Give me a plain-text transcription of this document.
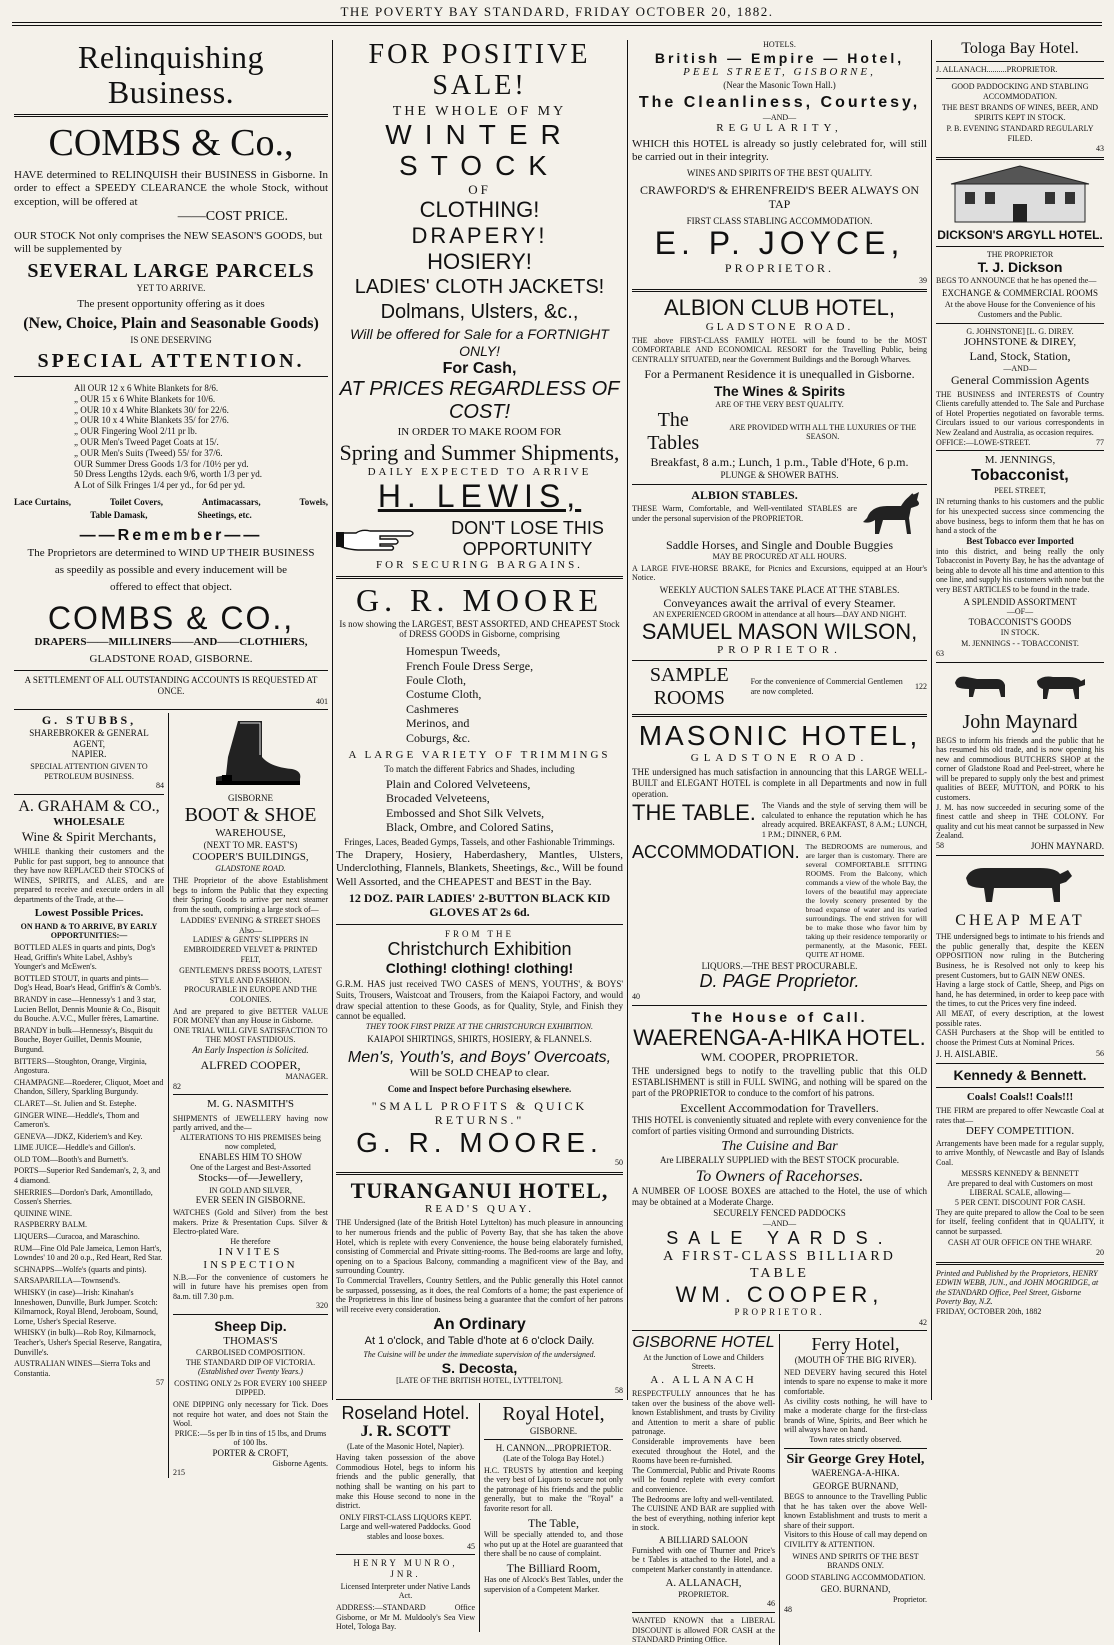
THE POVERTY BAY STANDARD, FRIDAY OCTOBER 20, 1882.

Relinquishing Business.

COMBS & Co.,

HAVE determined to RELINQUISH their BUSINESS in Gisborne. In order to effect a SPEEDY CLEARANCE the whole Stock, without exception, will be offered at

——COST PRICE.

OUR STOCK Not only comprises the NEW SEASON'S GOODS, but will be supplemented by

SEVERAL LARGE PARCELS

YET TO ARRIVE.

The present opportunity offering as it does

(New, Choice, Plain and Seasonable Goods)

IS ONE DESERVING

SPECIAL ATTENTION.

All OUR 12 x 6 White Blankets for 8/6.

„ OUR 15 x 6 White Blankets for 10/6.

„ OUR 10 x 4 White Blankets 30/ for 22/6.

„ OUR 10 x 4 White Blankets 35/ for 27/6.

„ OUR Fingering Wool 2/11 pr lb.

„ OUR Men's Tweed Paget Coats at 15/.

„ OUR Men's Suits (Tweed) 55/ for 37/6.

OUR Summer Dress Goods 1/3 for /10½ per yd.

50 Dress Lengths 12yds. each 9/6, worth 1/3 per yd.

A Lot of Silk Fringes 1/4 per yd., for 6d per yd.

Lace Curtains,	Toilet Covers,	Antimacassars,	Towels,
Table Damask,	Sheetings, etc.

——Remember——

The Proprietors are determined to WIND UP THEIR BUSINESS

as speedily as possible and every inducement will be

offered to effect that object.

COMBS & CO.,

DRAPERS——MILLINERS——AND——CLOTHIERS,

GLADSTONE ROAD, GISBORNE.

A SETTLEMENT OF ALL OUTSTANDING ACCOUNTS IS REQUESTED AT ONCE.

401

G. STUBBS,

SHAREBROKER & GENERAL AGENT,

NAPIER.

SPECIAL ATTENTION GIVEN TO PETROLEUM BUSINESS.

84

A. GRAHAM & CO.,

WHOLESALE

Wine & Spirit Merchants,

WHILE thanking their customers and the Public for past support, beg to announce that they have now REPLACED their STOCKS of WINES, SPIRITS, and ALES, and are prepared to receive and execute orders in all departments of the Trade, at the—

Lowest Possible Prices.

ON HAND & TO ARRIVE, BY EARLY OPPORTUNITIES:—

BOTTLED ALES in quarts and pints, Dog's Head, Griffin's White Label, Ashby's Younger's and McEwen's.

BOTTLED STOUT, in quarts and pints—Dog's Head, Boar's Head, Griffin's & Comb's.

BRANDY in case—Hennessy's 1 and 3 star, Lucien Bellot, Dennis Mounie & Co., Bisquit du Bouche. A.V.C., Muller frères, Lamartine.

BRANDY in bulk—Hennessy's, Bisquit du Bouche, Boyer Guillet, Dennis Mounie, Burgund.

BITTERS—Stoughton, Orange, Virginia, Angostura.

CHAMPAGNE—Roederer, Cliquot, Moet and Chandon, Sillery, Sparkling Burgundy.

CLARET—St. Julien and St. Estephe.

GINGER WINE—Heddle's, Thom and Cameron's.

GENEVA—JDKZ, Kideriem's and Key.

LIME JUICE—Heddle's and Gillon's.

OLD TOM—Booth's and Burnett's.

PORTS—Superior Red Sandeman's, 2, 3, and 4 diamond.

SHERRIES—Dordon's Dark, Amontillado, Cossen's Sherries.

QUININE WINE.

RASPBERRY BALM.

LIQUERS—Curacoa, and Maraschino.

RUM—Fine Old Pale Jameica, Lemon Hart's, Lowndes' 10 and 20 o.p., Red Heart, Red Star.

SCHNAPPS—Wolfe's (quarts and pints).

SARSAPARILLA—Townsend's.

WHISKY (in case)—Irish: Kinahan's Inneshowen, Dunville, Burk Jumper. Scotch: Kilmarnock, Royal Blend, Jeroboam, Sound, Lorne, Usher's Special Reserve.

WHISKY (in bulk)—Rob Roy, Kilmarnock, Teacher's, Usher's Special Reserve, Rangatira, Dunville's.

AUSTRALIAN WINES—Sierra Toks and Constantia.

57

GISBORNE

BOOT & SHOE

WAREHOUSE,

(NEXT TO MR. EAST'S)

COOPER'S BUILDINGS,

GLADSTONE ROAD.

THE Proprietor of the above Establishment begs to inform the Public that they expecting their Spring Goods to arrive per next steamer from the south, comprising a large stock of—

LADDIES' EVENING & STREET SHOES

Also—

LADIES' & GENTS' SLIPPERS IN EMBROIDERED VELVET & PRINTED FELT,

GENTLEMEN'S DRESS BOOTS, LATEST STYLE AND FASHION.

PROCURABLE IN EUROPE AND THE COLONIES.

And are prepared to give BETTER VALUE FOR MONEY than any House in Gisborne.

ONE TRIAL WILL GIVE SATISFACTION TO THE MOST FASTIDIOUS.

An Early Inspection is Solicited.

ALFRED COOPER,

MANAGER.

82

M. G. NASMITH'S

SHIPMENTS of JEWELLERY having now partly arrived, and the—

ALTERATIONS TO HIS PREMISES being now completed,

ENABLES HIM TO SHOW

One of the Largest and Best-Assorted

Stocks—of—Jewellery,

IN GOLD AND SILVER,

EVER SEEN IN GISBORNE.

WATCHES (Gold and Silver) from the best makers. Prize & Presentation Cups. Silver & Electro-plated Ware.

He therefore

INVITES INSPECTION

N.B.—For the convenience of customers he will in future have his premises open from 8a.m. till 7.30 p.m.

320

Sheep Dip.

THOMAS'S

CARBOLISED COMPOSITION.

THE STANDARD DIP OF VICTORIA.

(Established over Twenty Years.)

COSTING ONLY 2s FOR EVERY 100 SHEEP DIPPED.

ONE DIPPING only necessary for Tick. Does not require hot water, and does not Stain the Wool.

PRICE:—5s per lb in tins of 15 lbs, and Drums of 100 lbs.

PORTER & CROFT,

Gisborne Agents.

215

FOR POSITIVE SALE!

THE WHOLE OF MY

WINTER STOCK

OF

CLOTHING!

DRAPERY!

HOSIERY!

LADIES' CLOTH JACKETS!

Dolmans, Ulsters, &c.,

Will be offered for Sale for a FORTNIGHT ONLY!

For Cash,

AT PRICES REGARDLESS OF COST!

IN ORDER TO MAKE ROOM FOR

Spring and Summer Shipments,

DAILY EXPECTED TO ARRIVE

H. LEWIS,

DON'T LOSE THIS OPPORTUNITY

FOR SECURING BARGAINS.

G. R. MOORE

Is now showing the LARGEST, BEST ASSORTED, AND CHEAPEST Stock of DRESS GOODS in Gisborne, comprising

Homespun Tweeds,

French Foule Dress Serge,

Foule Cloth,

Costume Cloth,

Cashmeres

Merinos, and

Coburgs, &c.

A LARGE VARIETY OF TRIMMINGS

To match the different Fabrics and Shades, including

Plain and Colored Velveteens,

Brocaded Velveteens,

Embossed and Shot Silk Velvets,

Black, Ombre, and Colored Satins,

Fringes, Laces, Beaded Gymps, Tassels, and other Fashionable Trimmings.

The Drapery, Hosiery, Haberdashery, Mantles, Ulsters, Underclothing, Flannels, Blankets, Sheetings, &c., Will be found Well Assorted, and the CHEAPEST and BEST in the Bay.

12 DOZ. PAIR LADIES' 2-BUTTON BLACK KID GLOVES AT 2s 6d.

FROM THE

Christchurch Exhibition

Clothing! clothing! clothing!

G.R.M. HAS just received TWO CASES of MEN'S, YOUTHS', & BOYS' Suits, Trousers, Waistcoat and Trousers, from the Kaiapoi Factory, and would draw special attention to these Goods, as for Quality, Style, and Finish they cannot be equalled.

THEY TOOK FIRST PRIZE AT THE CHRISTCHURCH EXHIBITION.

KAIAPOI SHIRTINGS, SHIRTS, HOSIERY, & FLANNELS.

Men's, Youth's, and Boys' Overcoats,

Will be SOLD CHEAP to clear.

Come and Inspect before Purchasing elsewhere.

"SMALL PROFITS & QUICK RETURNS."

G. R. MOORE.

50

TURANGANUI HOTEL,

READ'S QUAY.

THE Undersigned (late of the British Hotel Lyttelton) has much pleasure in announcing to her numerous friends and the public of Poverty Bay, that she has taken the above Hotel, which is replete with every Convenience, the house being elaborately furnished, consisting of Commercial and Private sitting-rooms. The Bed-rooms are large and lofty, opening on to a Spacious Balcony, commanding a magnificent view of the Bay, and surrounding Country.

To Commercial Travellers, Country Settlers, and the Public generally this Hotel cannot be surpassed, possessing, as it does, the real Comforts of a home; the past experience of the Proprietress in this line of business being a guarantee that the comfort of her patrons will receive every consideration.

An Ordinary

At 1 o'clock, and Table d'hote at 6 o'clock Daily.

The Cuisine will be under the immediate supervision of the undersigned.

S. Decosta,

[LATE OF THE BRITISH HOTEL, LYTTELTON].

58

Roseland Hotel.

J. R. SCOTT

(Late of the Masonic Hotel, Napier).

Having taken possession of the above Commodious Hotel, begs to inform his friends and the public generally, that nothing shall be wanting on his part to make this House second to none in the district.

ONLY FIRST-CLASS LIQUORS KEPT.

Large and well-watered Paddocks. Good stables and loose boxes.

45

HENRY MUNRO, JNR.

Licensed Interpreter under Native Lands Act.

ADDRESS:—STANDARD Office Gisborne, or Mr M. Muldooly's Sea View Hotel, Tologa Bay.

Royal Hotel,

GISBORNE.

H. CANNON....PROPRIETOR.

(Late of the Tologa Bay Hotel.)

H.C. TRUSTS by attention and keeping the very best of Liquors to secure not only the patronage of his friends and the public generally, but to make the "Royal" a favorite resort for all.

The Table,

Will be specially attended to, and those who put up at the Hotel are guaranteed that there shall be no cause of complaint.

The Billiard Room,

Has one of Alcock's Best Tables, under the supervision of a Competent Marker.

HOTELS.

British — Empire — Hotel,

PEEL STREET, GISBORNE,

(Near the Masonic Town Hall.)

The Cleanliness, Courtesy,

—AND—

REGULARITY,

WHICH this HOTEL is already so justly celebrated for, will still be carried out in their integrity.

WINES AND SPIRITS OF THE BEST QUALITY.

CRAWFORD'S & EHRENFREID'S BEER ALWAYS ON TAP

FIRST CLASS STABLING ACCOMMODATION.

E. P. JOYCE,

PROPRIETOR.

39

ALBION CLUB HOTEL,

GLADSTONE ROAD.

THE above FIRST-CLASS FAMILY HOTEL will be found to be the MOST COMFORTABLE AND ECONOMICAL RESORT for the Travelling Public, being CENTRALLY SITUATED, near the Government Buildings and the Borough Wharves.

For a Permanent Residence it is unequalled in Gisborne.

The Wines & Spirits

ARE OF THE VERY BEST QUALITY.

The Tables

ARE PROVIDED WITH ALL THE LUXURIES OF THE SEASON.

Breakfast, 8 a.m.; Lunch, 1 p.m., Table d'Hote, 6 p.m.

PLUNGE & SHOWER BATHS.

ALBION STABLES.

THESE Warm, Comfortable, and Well-ventilated STABLES are under the personal supervision of the PROPRIETOR.

Saddle Horses, and Single and Double Buggies

MAY BE PROCURED AT ALL HOURS.

A LARGE FIVE-HORSE BRAKE, for Picnics and Excursions, equipped at an Hour's Notice.

WEEKLY AUCTION SALES TAKE PLACE AT THE STABLES.

Conveyances await the arrival of every Steamer.

AN EXPERIENCED GROOM in attendance at all hours—DAY AND NIGHT.

SAMUEL MASON WILSON,

PROPRIETOR.

SAMPLE ROOMS

For the convenience of Commercial Gentlemen are now completed.

122

MASONIC HOTEL,

GLADSTONE ROAD.

THE undersigned has much satisfaction in announcing that this LARGE WELL-BUILT and ELEGANT HOTEL is complete in all Departments and now in full operation.

THE TABLE. The Viands and the style of serving them will be calculated to enhance the reputation which he has already acquired. BREAKFAST, 8 A.M.; LUNCH, 1 P.M.; DINNER, 6 P.M.

ACCOMMODATION. The BEDROOMS are numerous, and are larger than is customary. There are several COMFORTABLE SITTING ROOMS. From the Balcony, which commands a view of the whole Bay, the lovers of the beautiful may appreciate the lovely scenery presented by the broad expanse of water and its varied surroundings. The end striven for will be to make those who favor him by taking up their residence temporarily or permanently, at the Masonic, FEEL QUITE AT HOME.

LIQUORS.—THE BEST PROCURABLE.

D. PAGE Proprietor.

40

The House of Call.

WAERENGA-A-HIKA HOTEL.

WM. COOPER, PROPRIETOR.

THE undersigned begs to notify to the travelling public that this OLD ESTABLISHMENT is still in FULL SWING, and nothing will be spared on the part of the PROPRIETOR to conduce to the comfort of his patrons.

Excellent Accommodation for Travellers.

THIS HOTEL is conveniently situated and replete with every convenience for the comfort of parties visiting Ormond and surrounding Districts.

The Cuisine and Bar

Are LIBERALLY SUPPLIED with the BEST STOCK procurable.

To Owners of Racehorses.

A NUMBER OF LOOSE BOXES are attached to the Hotel, the use of which may be obtained at a Moderate Charge.

SECURELY FENCED PADDOCKS

—AND—

SALE YARDS.

A FIRST-CLASS BILLIARD TABLE

WM. COOPER,

PROPRIETOR.

42

GISBORNE HOTEL

At the Junction of Lowe and Childers Streets.

A. ALLANACH

RESPECTFULLY announces that he has taken over the business of the above well-known Establishment, and trusts by Civility and Attention to merit a share of public patronage.

Considerable improvements have been executed throughout the Hotel, and the Rooms have been re-furnished.

The Commercial, Public and Private Rooms will be found replete with every comfort and convenience.

The Bedrooms are lofty and well-ventilated.

The CUISINE AND BAR are supplied with the best of everything, nothing inferior kept in stock.

A BILLIARD SALOON

Furnished with one of Thurner and Price's be t Tables is attached to the Hotel, and a competent Marker constantly in attendance.

A. ALLANACH,

PROPRIETOR.

46

WANTED KNOWN that a LIBERAL DISCOUNT is allowed FOR CASH at the STANDARD Printing Office.

Ferry Hotel,

(MOUTH OF THE BIG RIVER).

NED DEVERY having secured this Hotel intends to spare no expense to make it more comfortable.

As civility costs nothing, he will have to make a moderate charge for the first-class brands of Wine, Spirits, and Beer which he will always have on hand.

Town rates strictly observed.

Sir George Grey Hotel,

WAERENGA-A-HIKA.

GEORGE BURNAND,

BEGS to announce to the Travelling Public that he has taken over the above Well-known Establishment and trusts to merit a share of their support.

Visitors to this House of call may depend on CIVILITY & ATTENTION.

WINES AND SPIRITS OF THE BEST BRANDS ONLY.

GOOD STABLING ACCOMMODATION.

GEO. BURNAND,

Proprietor.

48

Tologa Bay Hotel.

J. ALLANACH..........PROPRIETOR.

GOOD PADDOCKING AND STABLING ACCOMMODATION.

THE BEST BRANDS OF WINES, BEER, AND SPIRITS KEPT IN STOCK.

P. B. EVENING STANDARD REGULARLY FILED.

43

DICKSON'S ARGYLL HOTEL.

THE PROPRIETOR

T. J. Dickson

BEGS TO ANNOUNCE that he has opened the—

EXCHANGE & COMMERCIAL ROOMS

At the above House for the Convenience of his Customers and the Public.

G. JOHNSTONE] [L. G. DIREY.

JOHNSTONE & DIREY,

Land, Stock, Station,

—AND—

General Commission Agents

THE BUSINESS and INTERESTS of Country Clients carefully attended to. The Sale and Purchase of Hotel Properties negotiated on favorable terms. Circulars issued to our various correspondents in New Zealand and Australia, as occasion requires.

OFFICE:—LOWE-STREET.	77

M. JENNINGS,

Tobacconist,

PEEL STREET,

IN returning thanks to his customers and the public for his unexpected success since commencing the above business, begs to inform them that he has on hand a stock of the

Best Tobacco ever Imported

into this district, and being really the only Tobacconist in Poverty Bay, he has the advantage of being able to devote all his time and attention to this one line, and supply his customers with none but the very BEST ARTICLES to be found in the trade.

A SPLENDID ASSORTMENT

—OF—

TOBACCONIST'S GOODS

IN STOCK.

M. JENNINGS - - TOBACCONIST.

63

John Maynard

BEGS to inform his friends and the public that he has resumed his old trade, and is now opening his new and commodious BUTCHERS SHOP at the corner of Gladstone Road and Peel-street, where he will be prepared to supply only the best and primest qualities of BEEF, MUTTON, and PORK to his customers.

J. M. has now succeeded in securing some of the finest cattle and sheep in THE COLONY. For quality and cut his meat cannot be surpassed in New Zealand.

58	JOHN MAYNARD.

CHEAP MEAT

THE undersigned begs to intimate to his friends and the public generally that, despite the KEEN OPPOSITION now ruling in the Butchering Business, he is Resolved not only to keep his present Customers, but to GAIN NEW ONES.

Having a large stock of Cattle, Sheep, and Pigs on hand, he has determined, in order to keep pace with the times, to cut the Prices very fine indeed.

All MEAT, of every description, at the lowest possible rates.

CASH Purchasers at the Shop will be entitled to choose the Primest Cuts at Nominal Prices.

J. H. AISLABIE.	56

Kennedy & Bennett.

Coals! Coals!! Coals!!!

THE FIRM are prepared to offer Newcastle Coal at rates that—

DEFY COMPETITION.

Arrangements have been made for a regular supply, to arrive Monthly, of Newcastle and Bay of Islands Coal.

MESSRS KENNEDY & BENNETT

Are prepared to deal with Customers on most LIBERAL SCALE, allowing—

5 PER CENT. DISCOUNT FOR CASH.

They are quite prepared to allow the Coal to be seen for itself, feeling confident that in QUALITY, it cannot be surpassed.

CASH AT OUR OFFICE ON THE WHARF.

20

Printed and Published by the Proprietors, HENRY EDWIN WEBB, JUN., and JOHN MOGRIDGE, at the STANDARD Office, Peel Street, Gisborne Poverty Bay, N.Z.

FRIDAY, OCTOBER 20th, 1882
